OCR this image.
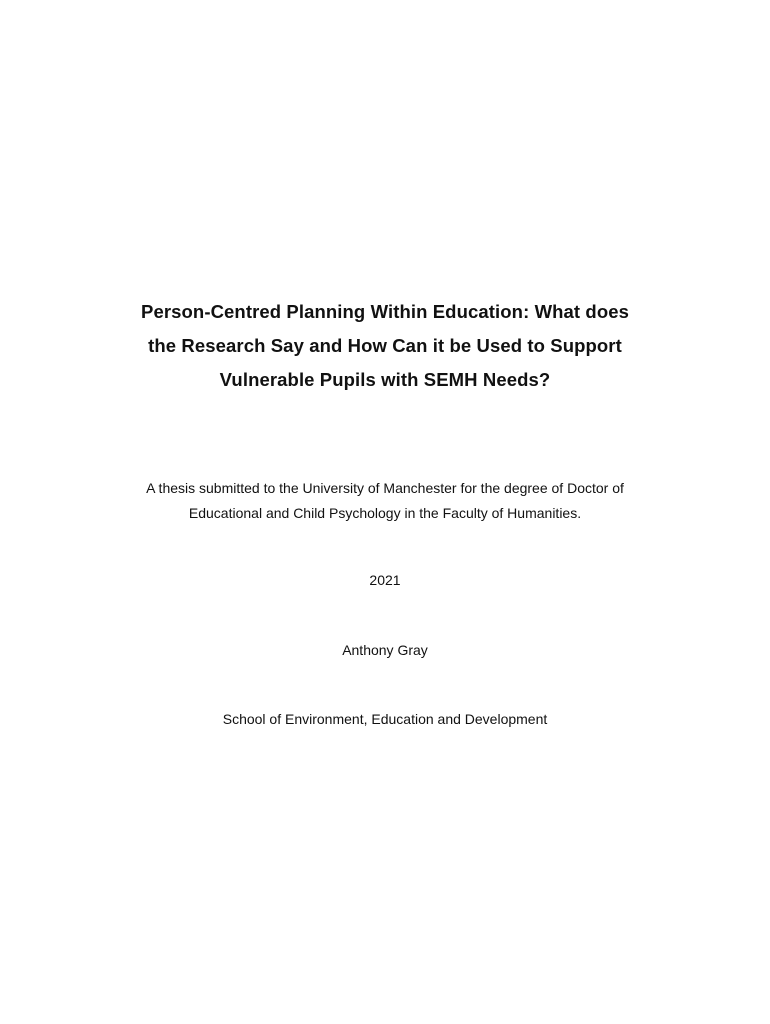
Person-Centred Planning Within Education: What does
the Research Say and How Can it be Used to Support
Vulnerable Pupils with SEMH Needs?
A thesis submitted to the University of Manchester for the degree of Doctor of
Educational and Child Psychology in the Faculty of Humanities.
2021
Anthony Gray
School of Environment, Education and Development
